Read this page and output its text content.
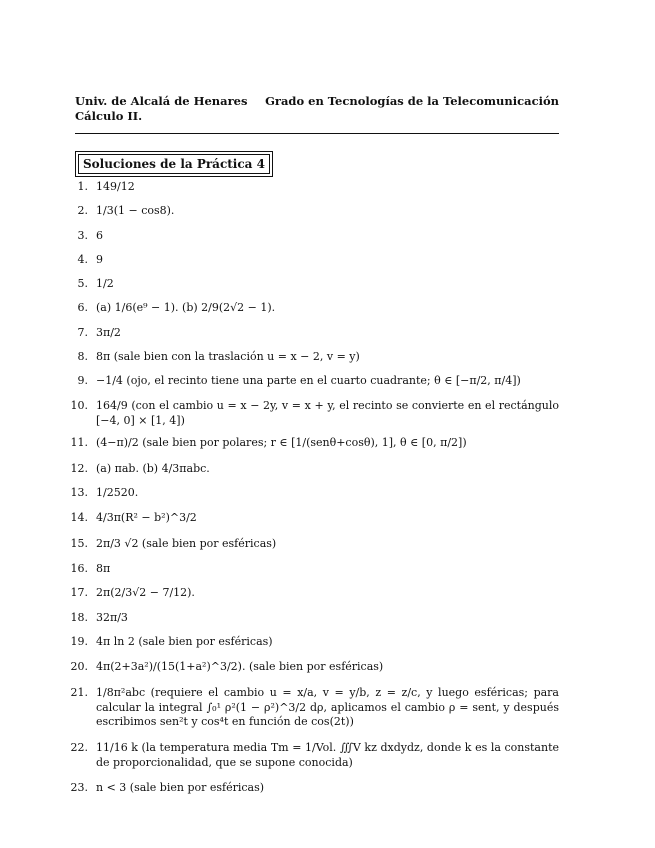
Univ. de Alcalá de Henares
Cálculo II.
Grado en Tecnologías de la Telecomunicación
Soluciones de la Práctica 4
1. 149/12
2. 1/3(1 − cos8).
3. 6
4. 9
5. 1/2
6. (a) 1/6(e⁹ − 1). (b) 2/9(2√2 − 1).
7. 3π/2
8. 8π (sale bien con la traslación u = x − 2, v = y)
9. −1/4 (ojo, el recinto tiene una parte en el cuarto cuadrante; θ ∈ [−π/2, π/4])
10. 164/9 (con el cambio u = x − 2y, v = x + y, el recinto se convierte en el rectángulo [−4, 0] × [1, 4])
11. (4−π)/2 (sale bien por polares; r ∈ [1/(senθ+cosθ), 1], θ ∈ [0, π/2])
12. (a) πab. (b) 4/3πabc.
13. 1/2520.
14. 4/3π(R² − b²)^3/2
15. 2π/3 √2 (sale bien por esféricas)
16. 8π
17. 2π(2/3√2 − 7/12).
18. 32π/3
19. 4π ln 2 (sale bien por esféricas)
20. 4π(2+3a²)/(15(1+a²)^3/2). (sale bien por esféricas)
21. 1/8π²abc (requiere el cambio u = x/a, v = y/b, z = z/c, y luego esféricas; para calcular la integral ∫₀¹ ρ²(1 − ρ²)^3/2 dρ, aplicamos el cambio ρ = sent, y después escribimos sen²t y cos⁴t en función de cos(2t))
22. 11/16 k (la temperatura media Tm = 1/Vol. ∭V kz dxdydz, donde k es la constante de proporcionalidad, que se supone conocida)
23. n < 3 (sale bien por esféricas)
